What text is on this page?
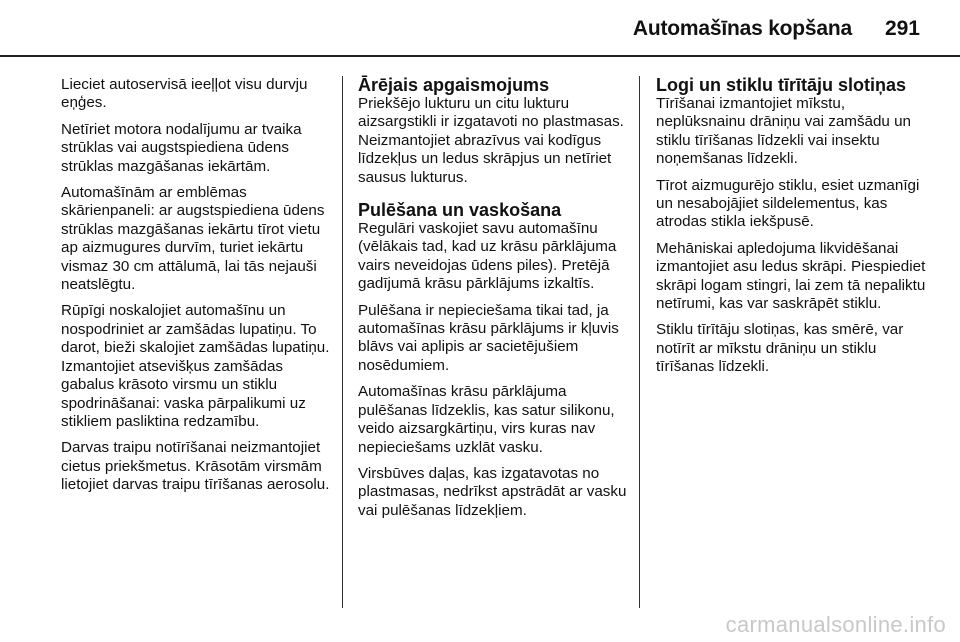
Automašīnas kopšana 291

Lieciet autoservisā ieeļļot visu durvju eņģes.

Netīriet motora nodalījumu ar tvaika strūklas vai augstspiediena ūdens strūklas mazgāšanas iekārtām.

Automašīnām ar emblēmas skārienpaneli: ar augstspiediena ūdens strūklas mazgāšanas iekārtu tīrot vietu ap aizmugures durvīm, turiet iekārtu vismaz 30 cm attālumā, lai tās nejauši neatslēgtu.

Rūpīgi noskalojiet automašīnu un nospodriniet ar zamšādas lupatiņu. To darot, bieži skalojiet zamšādas lupatiņu. Izmantojiet atsevišķus zamšādas gabalus krāsoto virsmu un stiklu spodrināšanai: vaska pārpalikumi uz stikliem pasliktina redzamību.

Darvas traipu notīrīšanai neizmantojiet cietus priekšmetus. Krāsotām virsmām lietojiet darvas traipu tīrīšanas aerosolu.

Ārējais apgaismojums

Priekšējo lukturu un citu lukturu aizsargstikli ir izgatavoti no plastmasas. Neizmantojiet abrazīvus vai kodīgus līdzekļus un ledus skrāpjus un netīriet sausus lukturus.

Pulēšana un vaskošana

Regulāri vaskojiet savu automašīnu (vēlākais tad, kad uz krāsu pārklājuma vairs neveidojas ūdens piles). Pretējā gadījumā krāsu pārklājums izkaltīs.

Pulēšana ir nepieciešama tikai tad, ja automašīnas krāsu pārklājums ir kļuvis blāvs vai aplipis ar sacietējušiem nosēdumiem.

Automašīnas krāsu pārklājuma pulēšanas līdzeklis, kas satur silikonu, veido aizsargkārtiņu, virs kuras nav nepieciešams uzklāt vasku.

Virsbūves daļas, kas izgatavotas no plastmasas, nedrīkst apstrādāt ar vasku vai pulēšanas līdzekļiem.

Logi un stiklu tīrītāju slotiņas

Tīrīšanai izmantojiet mīkstu, neplūksnainu drāniņu vai zamšādu un stiklu tīrīšanas līdzekli vai insektu noņemšanas līdzekli.

Tīrot aizmugurējo stiklu, esiet uzmanīgi un nesabojājiet sildelementus, kas atrodas stikla iekšpusē.

Mehāniskai apledojuma likvidēšanai izmantojiet asu ledus skrāpi. Piespiediet skrāpi logam stingri, lai zem tā nepaliktu netīrumi, kas var saskrāpēt stiklu.

Stiklu tīrītāju slotiņas, kas smērē, var notīrīt ar mīkstu drāniņu un stiklu tīrīšanas līdzekli.

carmanualsonline.info
